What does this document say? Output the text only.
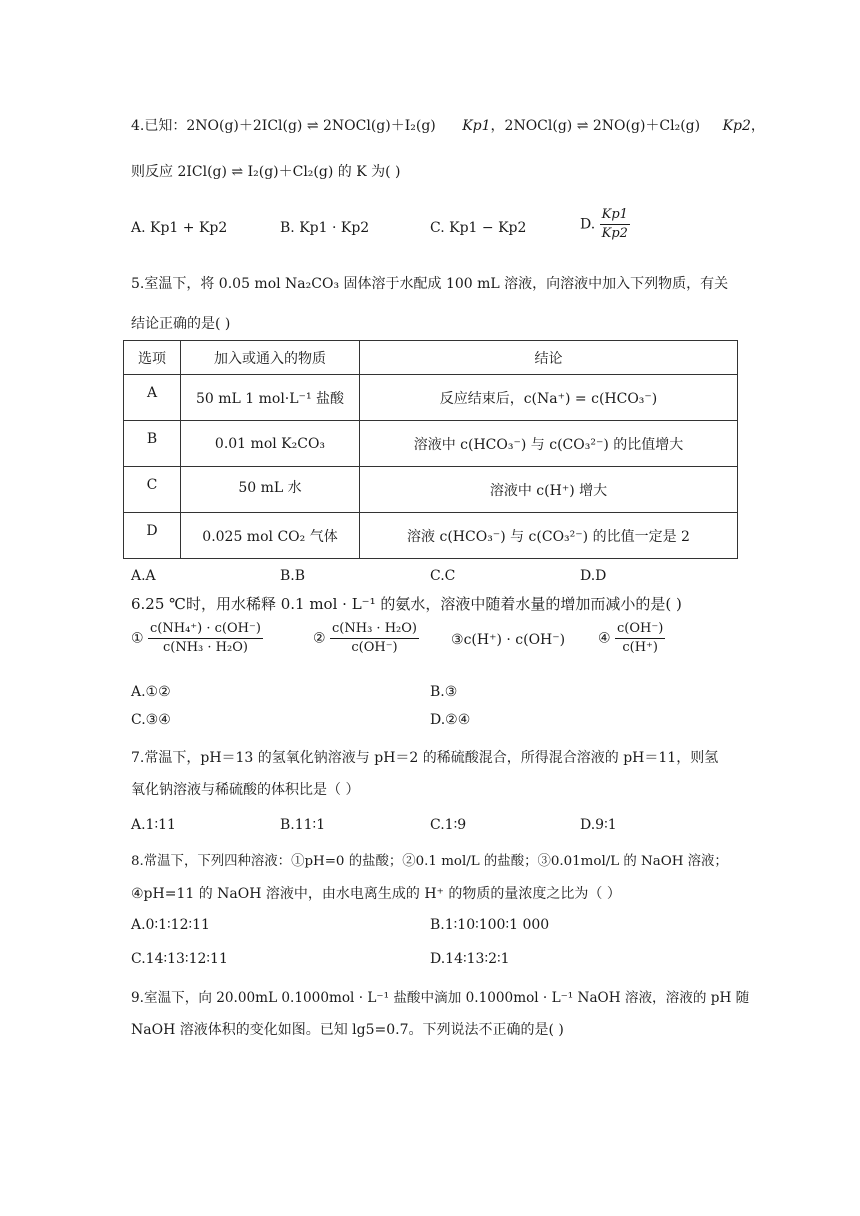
4.已知：2NO(g)＋2ICl(g) ⇌ 2NOCl(g)＋I₂(g) Kp1，2NOCl(g) ⇌ 2NO(g)＋Cl₂(g) Kp2，
则反应 2ICl(g) ⇌ I₂(g)＋Cl₂(g) 的 K 为( )
A. Kp1 + Kp2	B. Kp1 · Kp2	C. Kp1 − Kp2	D. $\frac{Kp1}{Kp2}$
5.室温下，将 0.05 mol Na₂CO₃ 固体溶于水配成 100 mL 溶液，向溶液中加入下列物质，有关
结论正确的是( )
选项	加入或通入的物质	结论
A	50 mL 1 mol·L⁻¹ 盐酸	反应结束后，c(Na⁺) = c(HCO₃⁻)
B	0.01 mol K₂CO₃	溶液中 c(HCO₃⁻) 与 c(CO₃²⁻) 的比值增大
C	50 mL 水	溶液中 c(H⁺) 增大
D	0.025 mol CO₂ 气体	溶液 c(HCO₃⁻) 与 c(CO₃²⁻) 的比值一定是 2
A.A	B.B	C.C	D.D
6.25 ℃时，用水稀释 0.1 mol · L⁻¹ 的氨水，溶液中随着水量的增加而减小的是( )
① $\frac{\text{c(NH₄⁺) · c(OH⁻)}}{\text{c(NH₃ · H₂O)}}$	② $\frac{\text{c(NH₃ · H₂O)}}{c(OH^-)}$ ③c(H⁺) · c(OH⁻) ④ $\frac{c(OH^-)}{c(H^+)}$
A.①②	B.③
C.③④	D.②④
7.常温下，pH＝13 的氢氧化钠溶液与 pH＝2 的稀硫酸混合，所得混合溶液的 pH＝11，则氢
氧化钠溶液与稀硫酸的体积比是（ ）
A.1∶11	B.11∶1	C.1∶9	D.9∶1
8.常温下，下列四种溶液：①pH=0 的盐酸；②0.1 mol/L 的盐酸；③0.01mol/L 的 NaOH 溶液；
④pH=11 的 NaOH 溶液中，由水电离生成的 H⁺ 的物质的量浓度之比为（ ）
A.0∶1∶12∶11	B.1∶10∶100∶1 000
C.14∶13∶12∶11	D.14∶13∶2∶1
9.室温下，向 20.00mL 0.1000mol · L⁻¹ 盐酸中滴加 0.1000mol · L⁻¹ NaOH 溶液，溶液的 pH 随
NaOH 溶液体积的变化如图。已知 lg5=0.7。下列说法不正确的是( )
